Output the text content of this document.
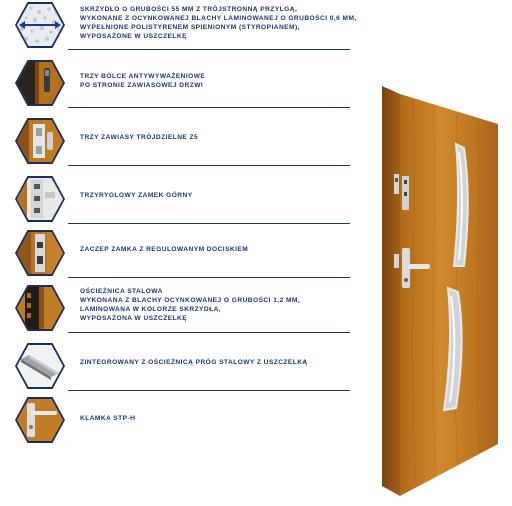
SKRZYDŁO O GRUBOŚCI 55 MM Z TRÓJSTRONNĄ PRZYLGĄ,
WYKONANE Z OCYNKOWANEJ BLACHY LAMINOWANEJ O GRUBOŚCI 0,6 MM,
WYPEŁNIONE POLISTYRENEM SPIENIONYM (STYROPIANEM),
WYPOSAŻONE W USZCZELKĘ
TRZY BOLCE ANTYWYWAŻENIOWE
PO STRONIE ZAWIASOWEJ DRZWI
TRZY ZAWIASY TRÓJDZIELNE Z5
TRZYRYGLOWY ZAMEK GÓRNY
ZACZEP ZAMKA Z REGULOWANYM DOCISKIEM
OŚCIEŻNICA STALOWA
WYKONANA Z BLACHY OCYNKOWANEJ O GRUBOŚCI 1,2 MM,
LAMINOWANA W KOLORZE SKRZYDŁA,
WYPOSAŻONA W USZCZELKĘ
ZINTEGROWANY Z OŚCIEŻNICĄ PRÓG STALOWY Z USZCZELKĄ
KLAMKA STP-H
